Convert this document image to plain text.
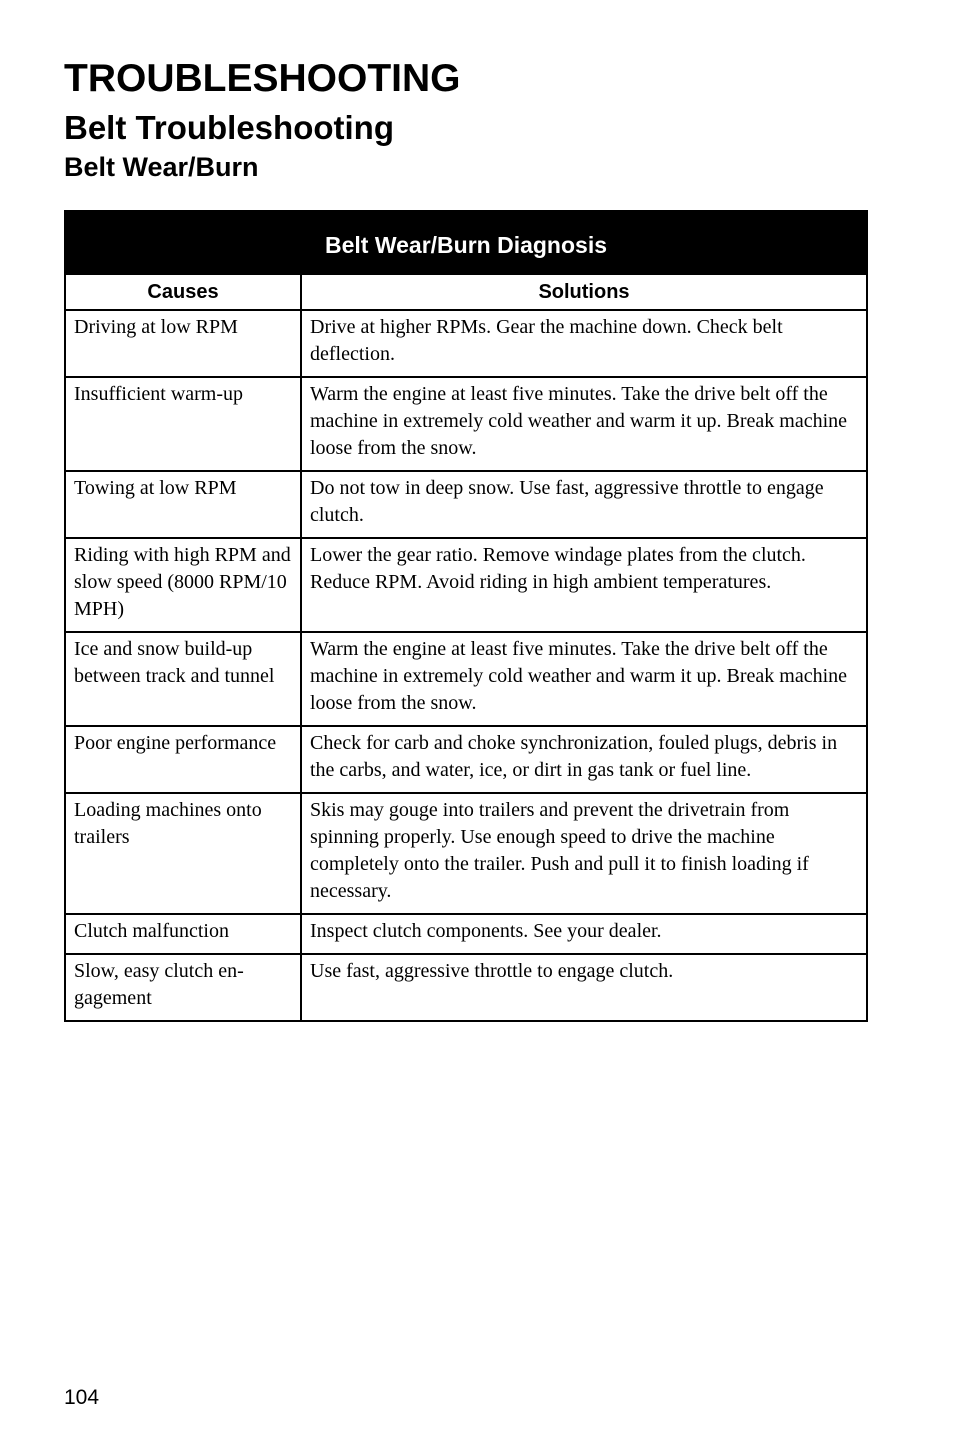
TROUBLESHOOTING
Belt Troubleshooting
Belt Wear/Burn
Belt Wear/Burn Diagnosis	
Causes	Solutions
Driving at low RPM	Drive at higher RPMs. Gear the machine down. Check belt deflection.
Insufficient warm-up	Warm the engine at least five minutes. Take the drive belt off the machine in extremely cold weather and warm it up. Break machine loose from the snow.
Towing at low RPM	Do not tow in deep snow. Use fast, aggressive throttle to engage clutch.
Riding with high RPM and slow speed (8000 RPM/10 MPH)	Lower the gear ratio. Remove windage plates from the clutch. Reduce RPM. Avoid riding in high ambient temperatures.
Ice and snow build-up between track and tunnel	Warm the engine at least five minutes. Take the drive belt off the machine in extremely cold weather and warm it up. Break machine loose from the snow.
Poor engine performance	Check for carb and choke synchronization, fouled plugs, debris in the carbs, and water, ice, or dirt in gas tank or fuel line.
Loading machines onto trailers	Skis may gouge into trailers and prevent the drivetrain from spinning properly. Use enough speed to drive the machine completely onto the trailer. Push and pull it to finish loading if necessary.
Clutch malfunction	Inspect clutch components. See your dealer.
Slow, easy clutch en-gagement	Use fast, aggressive throttle to engage clutch.
104
